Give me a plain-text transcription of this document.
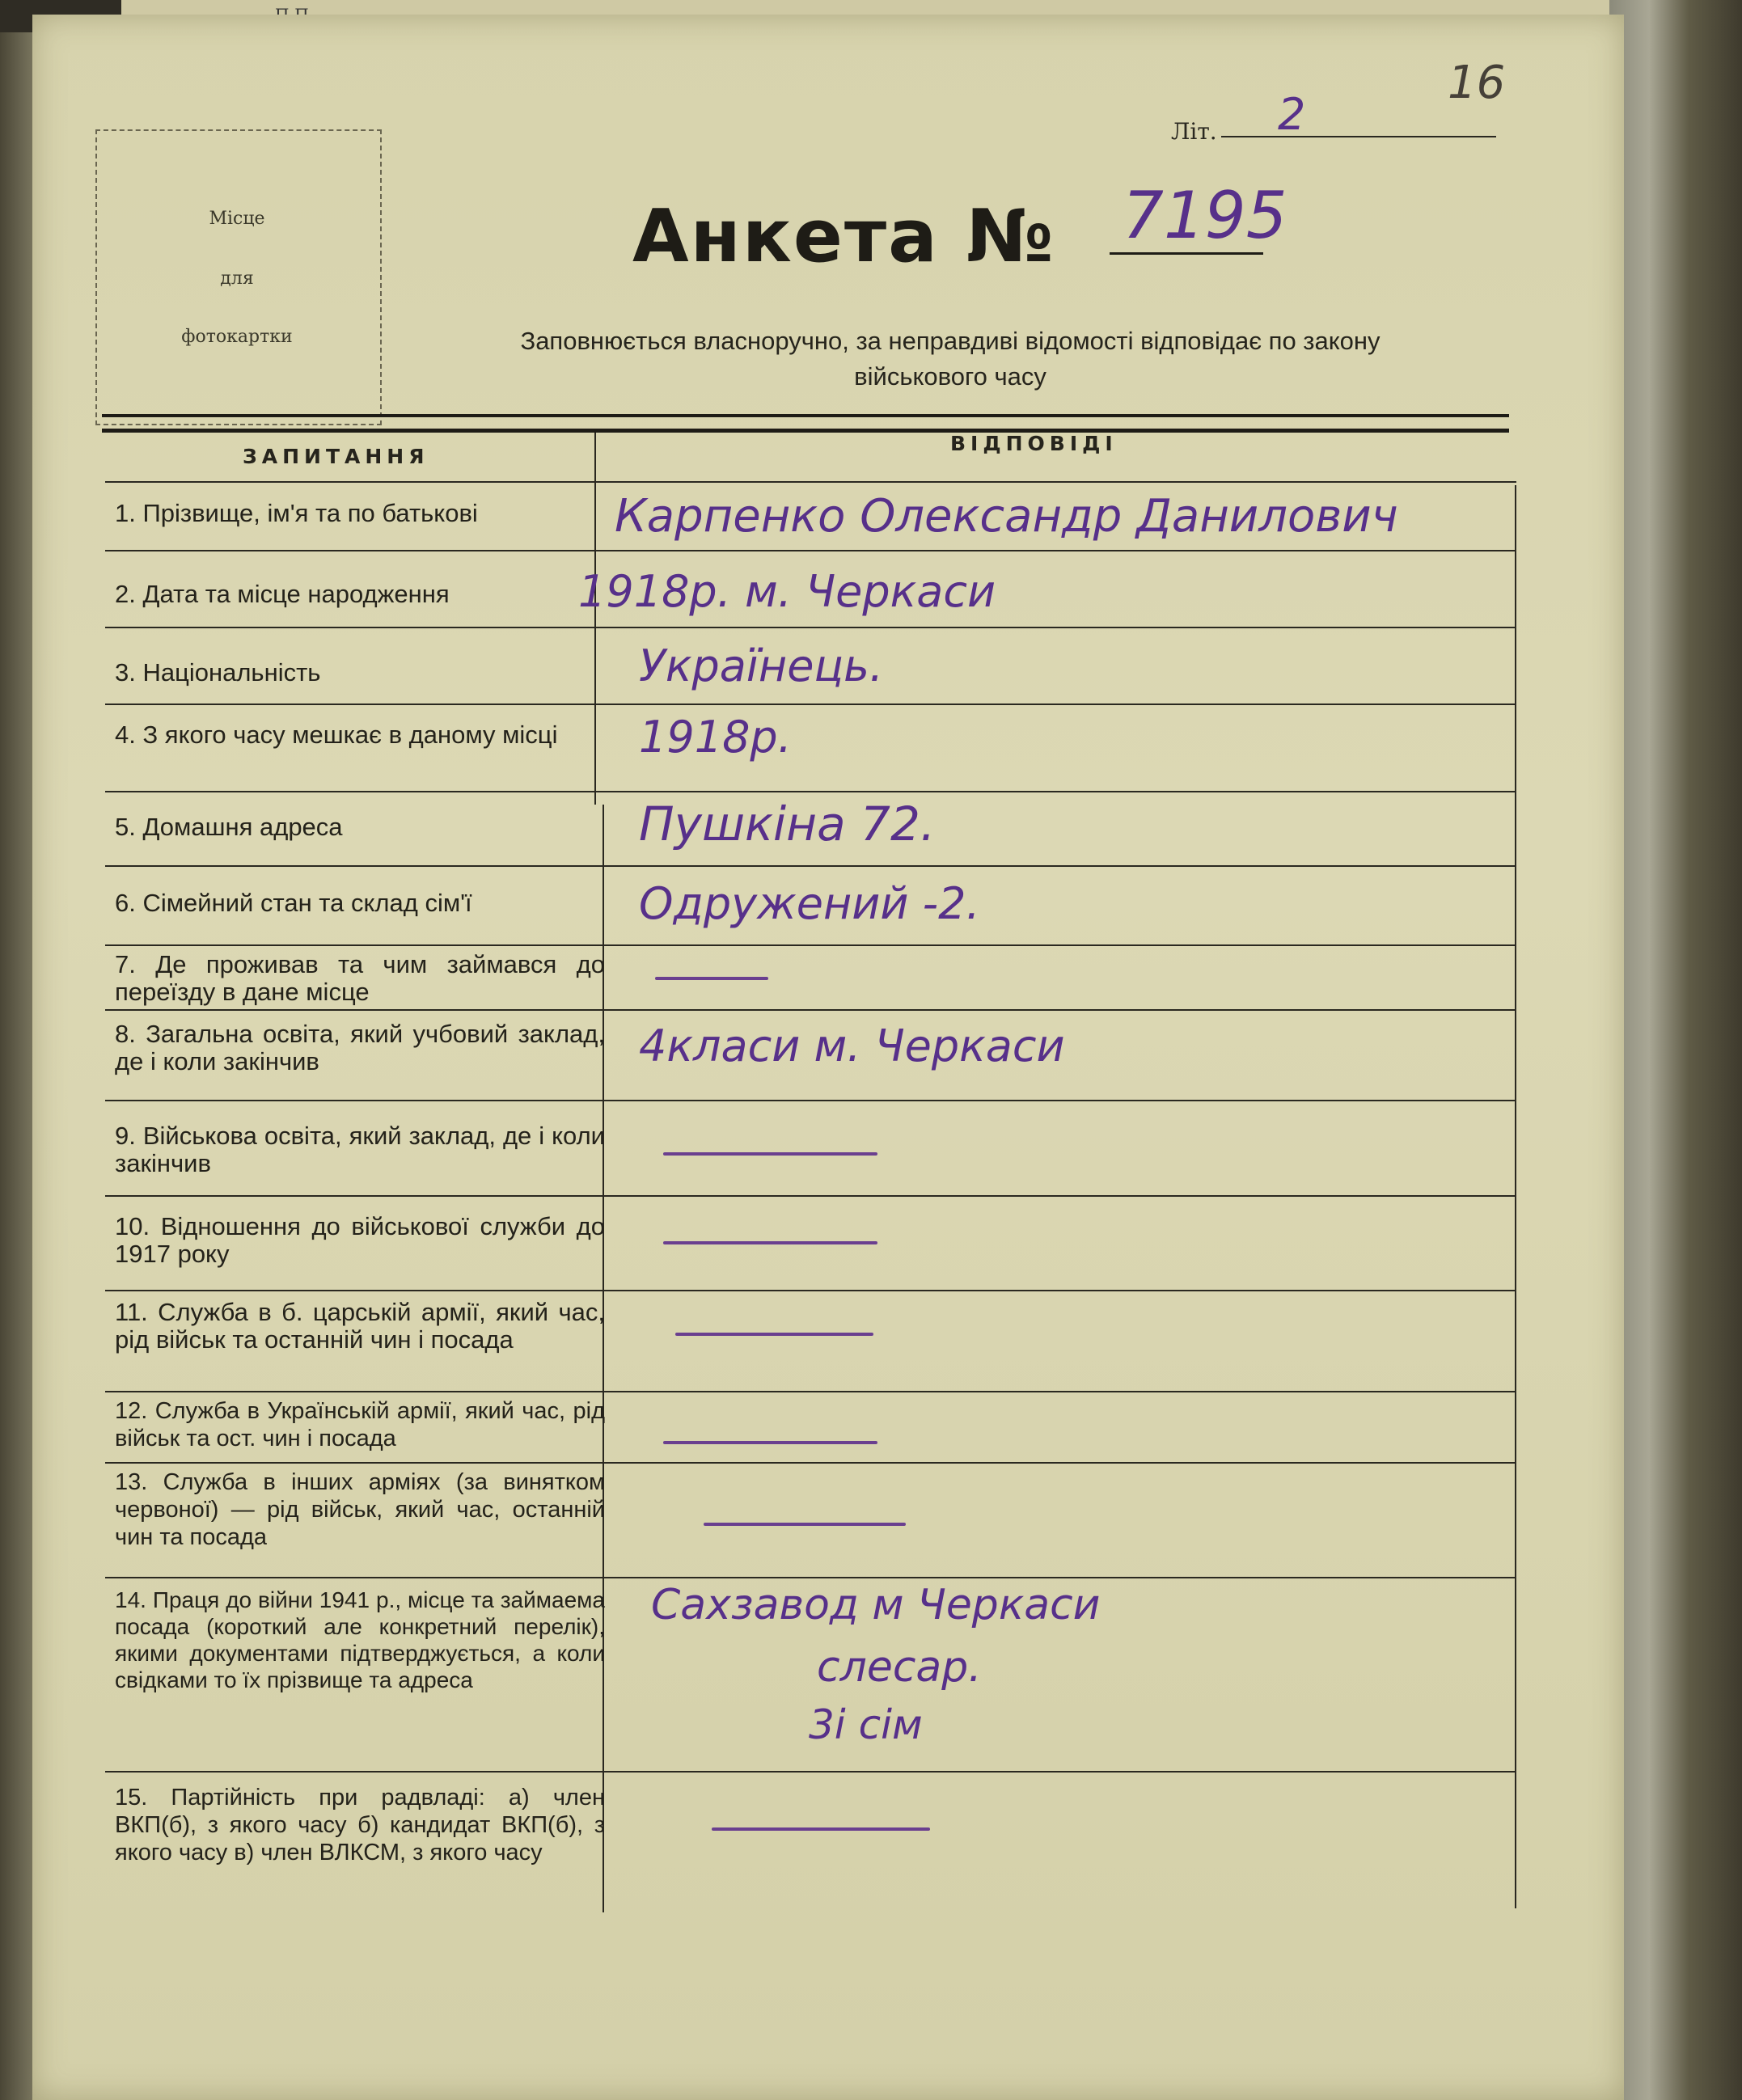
Місце
для
фотокартки
16
Літ. 2
Анкета № 7195
Заповнюється власноручно, за неправдиві відомості відповідає по закону
військового часу
ЗАПИТАННЯ
ВІДПОВІДІ
1. Прізвище, ім'я та по батькові
2. Дата та місце народження
3. Національність
4. З якого часу мешкає в даному місці
5. Домашня адреса
6. Сімейний стан та склад сім'ї
7. Де проживав та чим займався до переїзду в дане місце
8. Загальна освіта, який учбовий заклад, де і коли закінчив
9. Військова освіта, який заклад, де і коли закінчив
10. Відношення до військової служби до 1917 року
11. Служба в б. царській армії, який час, рід військ та останній чин і посада
12. Служба в Українській армії, який час, рід військ та ост. чин і посада
13. Служба в інших арміях (за винятком червоної) — рід військ, який час, останній чин та посада
14. Праця до війни 1941 р., місце та займаема посада (короткий але конкретний перелік), якими документами підтверджується, а коли свідками то їх прізвище та адреса
15. Партійність при радвладі: а) член ВКП(б), з якого часу б) кандидат ВКП(б), з якого часу в) член ВЛКСМ, з якого часу
Карпенко Олександр Данилович
1918р. м. Черкаси
Українець.
1918р.
Пушкіна 72.
Одружений -2.
4класи м. Черкаси
Сахзавод м Черкаси
слесар.
3і сім
